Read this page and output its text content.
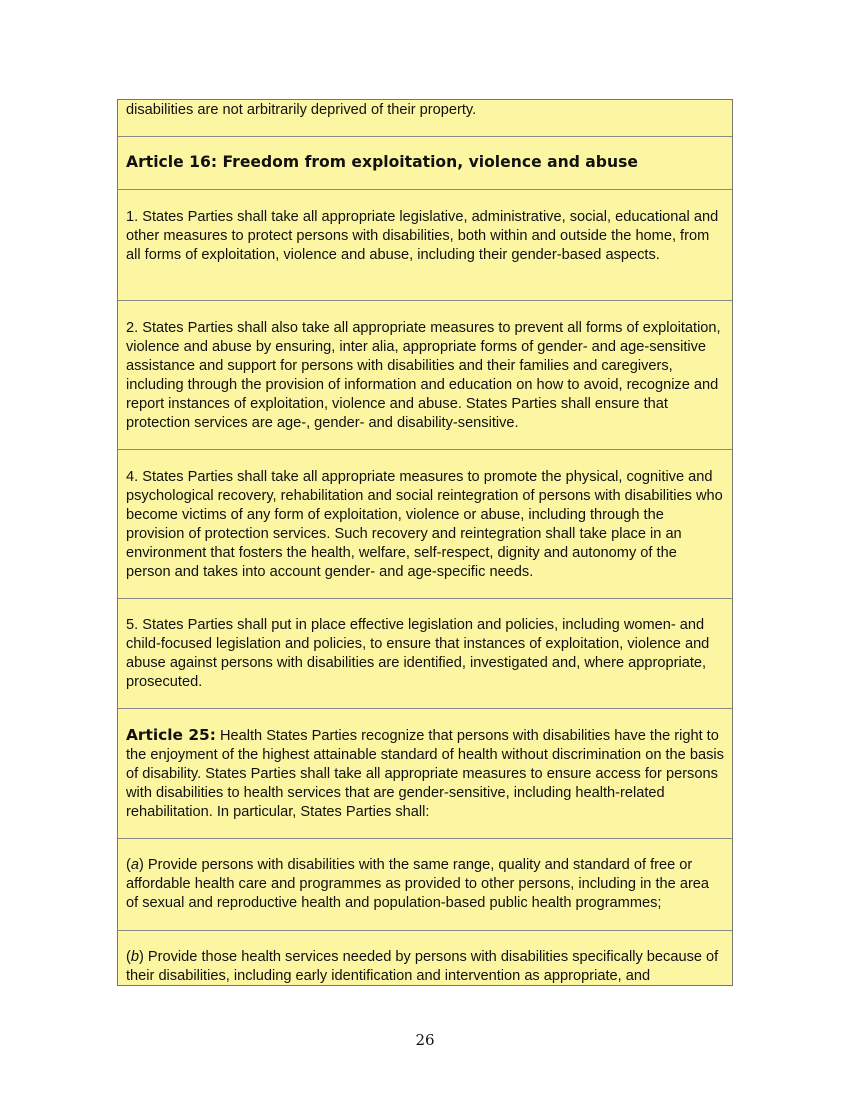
disabilities are not arbitrarily deprived of their property.

Article 16: Freedom from exploitation, violence and abuse

1. States Parties shall take all appropriate legislative, administrative, social, educational and other measures to protect persons with disabilities, both within and outside the home, from all forms of exploitation, violence and abuse, including their gender-based aspects.

2. States Parties shall also take all appropriate measures to prevent all forms of exploitation, violence and abuse by ensuring, inter alia, appropriate forms of gender- and age-sensitive assistance and support for persons with disabilities and their families and caregivers, including through the provision of information and education on how to avoid, recognize and report instances of exploitation, violence and abuse. States Parties shall ensure that protection services are age-, gender- and disability-sensitive.

4. States Parties shall take all appropriate measures to promote the physical, cognitive and psychological recovery, rehabilitation and social reintegration of persons with disabilities who become victims of any form of exploitation, violence or abuse, including through the provision of protection services. Such recovery and reintegration shall take place in an environment that fosters the health, welfare, self-respect, dignity and autonomy of the person and takes into account gender- and age-specific needs.

5. States Parties shall put in place effective legislation and policies, including women- and child-focused legislation and policies, to ensure that instances of exploitation, violence and abuse against persons with disabilities are identified, investigated and, where appropriate, prosecuted.

Article 25: Health States Parties recognize that persons with disabilities have the right to the enjoyment of the highest attainable standard of health without discrimination on the basis of disability. States Parties shall take all appropriate measures to ensure access for persons with disabilities to health services that are gender-sensitive, including health-related rehabilitation. In particular, States Parties shall:

(a) Provide persons with disabilities with the same range, quality and standard of free or affordable health care and programmes as provided to other persons, including in the area of sexual and reproductive health and population-based public health programmes;

(b) Provide those health services needed by persons with disabilities specifically because of their disabilities, including early identification and intervention as appropriate, and

26
